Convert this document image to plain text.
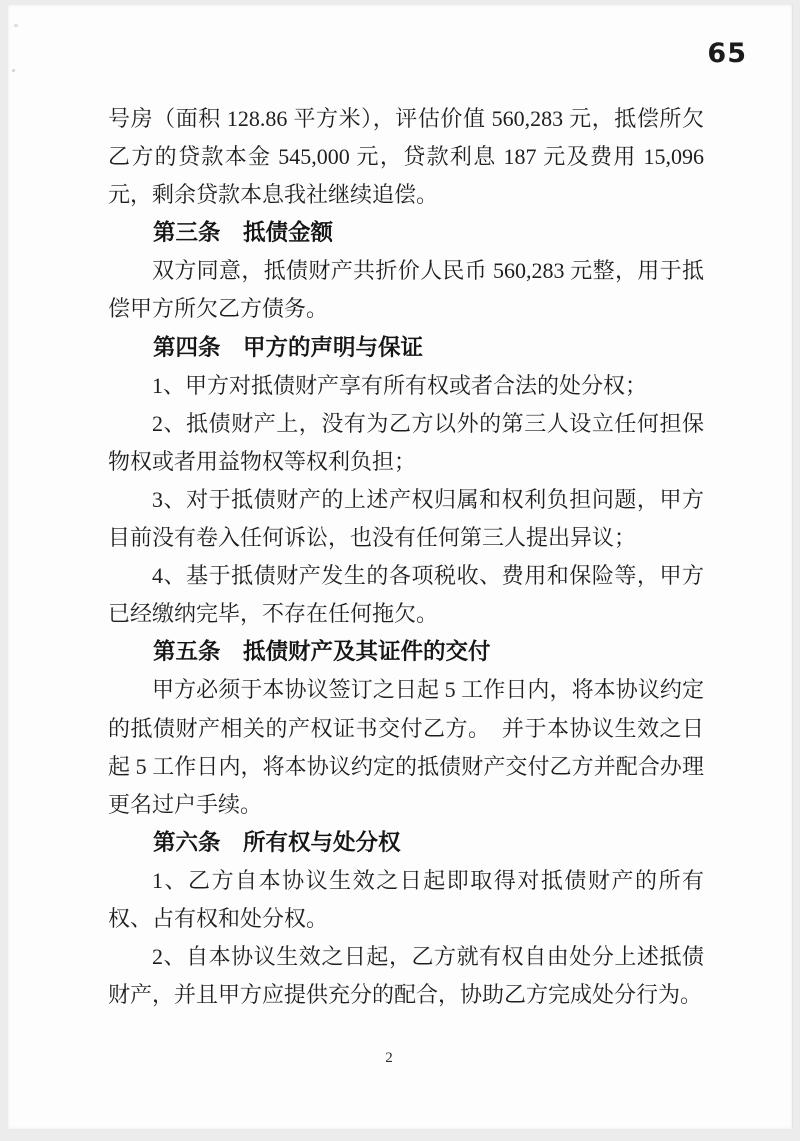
65

号房（面积 128.86 平方米），评估价值 560,283 元，抵偿所欠乙方的贷款本金 545,000 元，贷款利息 187 元及费用 15,096 元，剩余贷款本息我社继续追偿。

第三条　抵债金额

双方同意，抵债财产共折价人民币 560,283 元整，用于抵偿甲方所欠乙方债务。

第四条　甲方的声明与保证

1、甲方对抵债财产享有所有权或者合法的处分权；

2、抵债财产上，没有为乙方以外的第三人设立任何担保物权或者用益物权等权利负担；

3、对于抵债财产的上述产权归属和权利负担问题，甲方目前没有卷入任何诉讼，也没有任何第三人提出异议；

4、基于抵债财产发生的各项税收、费用和保险等，甲方已经缴纳完毕，不存在任何拖欠。

第五条　抵债财产及其证件的交付

甲方必须于本协议签订之日起 5 工作日内，将本协议约定的抵债财产相关的产权证书交付乙方。　并于本协议生效之日起 5 工作日内，将本协议约定的抵债财产交付乙方并配合办理更名过户手续。

第六条　所有权与处分权

1、乙方自本协议生效之日起即取得对抵债财产的所有权、占有权和处分权。

2、自本协议生效之日起，乙方就有权自由处分上述抵债财产，并且甲方应提供充分的配合，协助乙方完成处分行为。

2
